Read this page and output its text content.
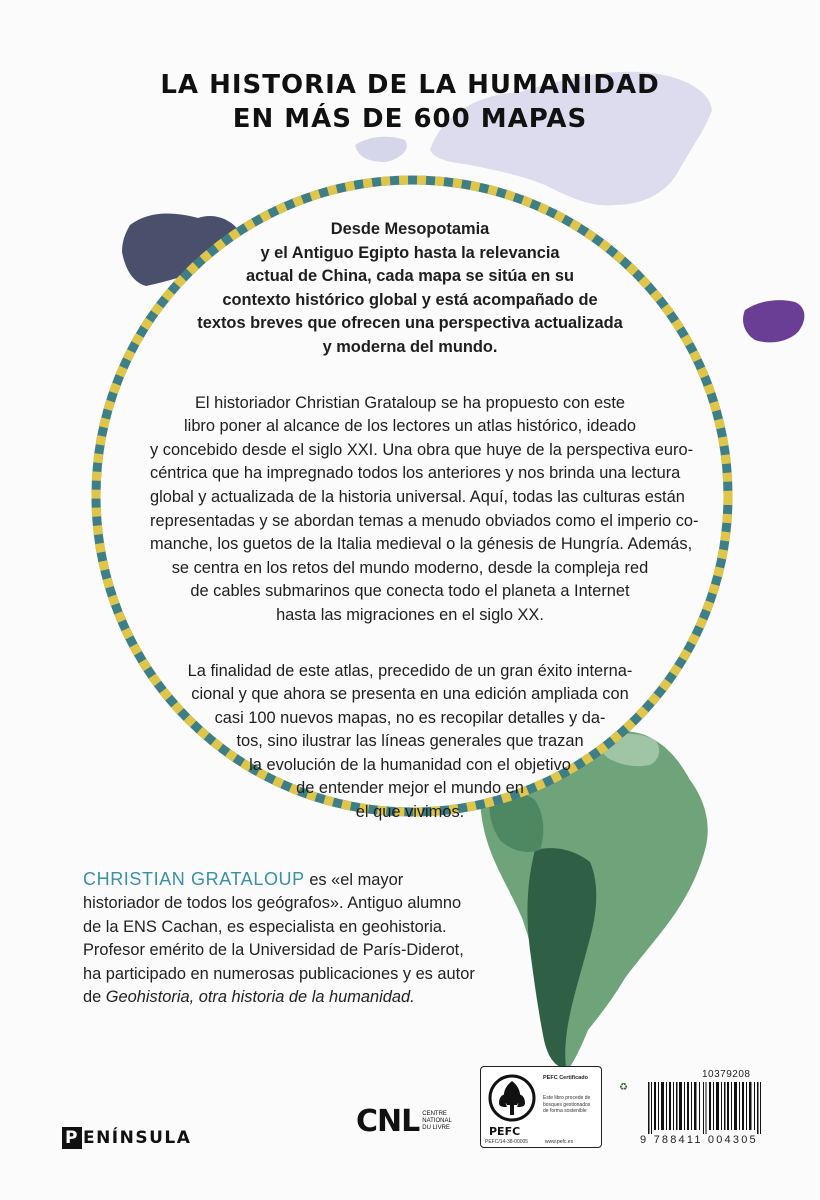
LA HISTORIA DE LA HUMANIDAD
EN MÁS DE 600 MAPAS
Desde Mesopotamia
y el Antiguo Egipto hasta la relevancia
actual de China, cada mapa se sitúa en su
contexto histórico global y está acompañado de
textos breves que ofrecen una perspectiva actualizada
y moderna del mundo.
El historiador Christian Grataloup se ha propuesto con este
libro poner al alcance de los lectores un atlas histórico, ideado
y concebido desde el siglo XXI. Una obra que huye de la perspectiva euro-
céntrica que ha impregnado todos los anteriores y nos brinda una lectura
global y actualizada de la historia universal. Aquí, todas las culturas están
representadas y se abordan temas a menudo obviados como el imperio co-
manche, los guetos de la Italia medieval o la génesis de Hungría. Además,
se centra en los retos del mundo moderno, desde la compleja red
de cables submarinos que conecta todo el planeta a Internet
hasta las migraciones en el siglo XX.
La finalidad de este atlas, precedido de un gran éxito interna-
cional y que ahora se presenta en una edición ampliada con
casi 100 nuevos mapas, no es recopilar detalles y da-
tos, sino ilustrar las líneas generales que trazan
la evolución de la humanidad con el objetivo
de entender mejor el mundo en
el que vivimos.
CHRISTIAN GRATALOUP es «el mayor
historiador de todos los geógrafos». Antiguo alumno
de la ENS Cachan, es especialista en geohistoria.
Profesor emérito de la Universidad de París-Diderot,
ha participado en numerosas publicaciones y es autor
de Geohistoria, otra historia de la humanidad.
P ENÍNSULA	CNL CENTRE
NATIONAL
DU LIVRE	PEFC
PEFC/14-38-00005
PEFC Certificado
Este libro procede de
bosques gestionados
de forma sostenible
www.pefc.es
♻
10379208
9 788411 004305
